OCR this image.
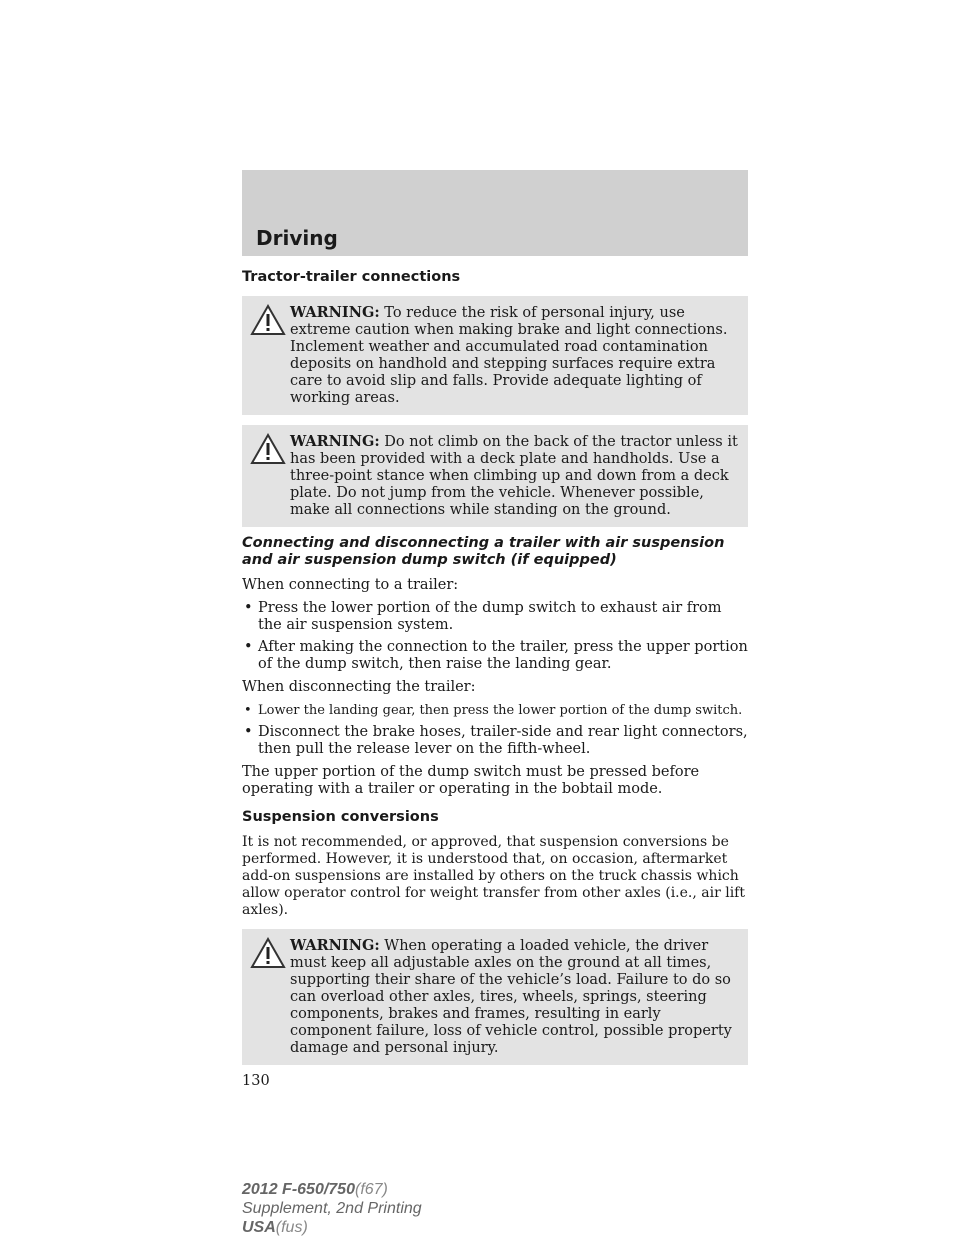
Driving
Tractor-trailer connections
WARNING: To reduce the risk of personal injury, use extreme caution when making brake and light connections. Inclement weather and accumulated road contamination deposits on handhold and stepping surfaces require extra care to avoid slip and falls. Provide adequate lighting of working areas.
WARNING: Do not climb on the back of the tractor unless it has been provided with a deck plate and handholds. Use a three-point stance when climbing up and down from a deck plate. Do not jump from the vehicle. Whenever possible, make all connections while standing on the ground.
Connecting and disconnecting a trailer with air suspension and air suspension dump switch (if equipped)

When connecting to a trailer:

• Press the lower portion of the dump switch to exhaust air from the air suspension system.
• After making the connection to the trailer, press the upper portion of the dump switch, then raise the landing gear.

When disconnecting the trailer:

• Lower the landing gear, then press the lower portion of the dump switch.
• Disconnect the brake hoses, trailer-side and rear light connectors, then pull the release lever on the fifth-wheel.

The upper portion of the dump switch must be pressed before operating with a trailer or operating in the bobtail mode.

Suspension conversions

It is not recommended, or approved, that suspension conversions be performed. However, it is understood that, on occasion, aftermarket add-on suspensions are installed by others on the truck chassis which allow operator control for weight transfer from other axles (i.e., air lift axles).

WARNING: When operating a loaded vehicle, the driver must keep all adjustable axles on the ground at all times, supporting their share of the vehicle’s load. Failure to do so can overload other axles, tires, wheels, springs, steering components, brakes and frames, resulting in early component failure, loss of vehicle control, possible property damage and personal injury.
130
2012 F-650/750(f67)
Supplement, 2nd Printing
USA(fus)
